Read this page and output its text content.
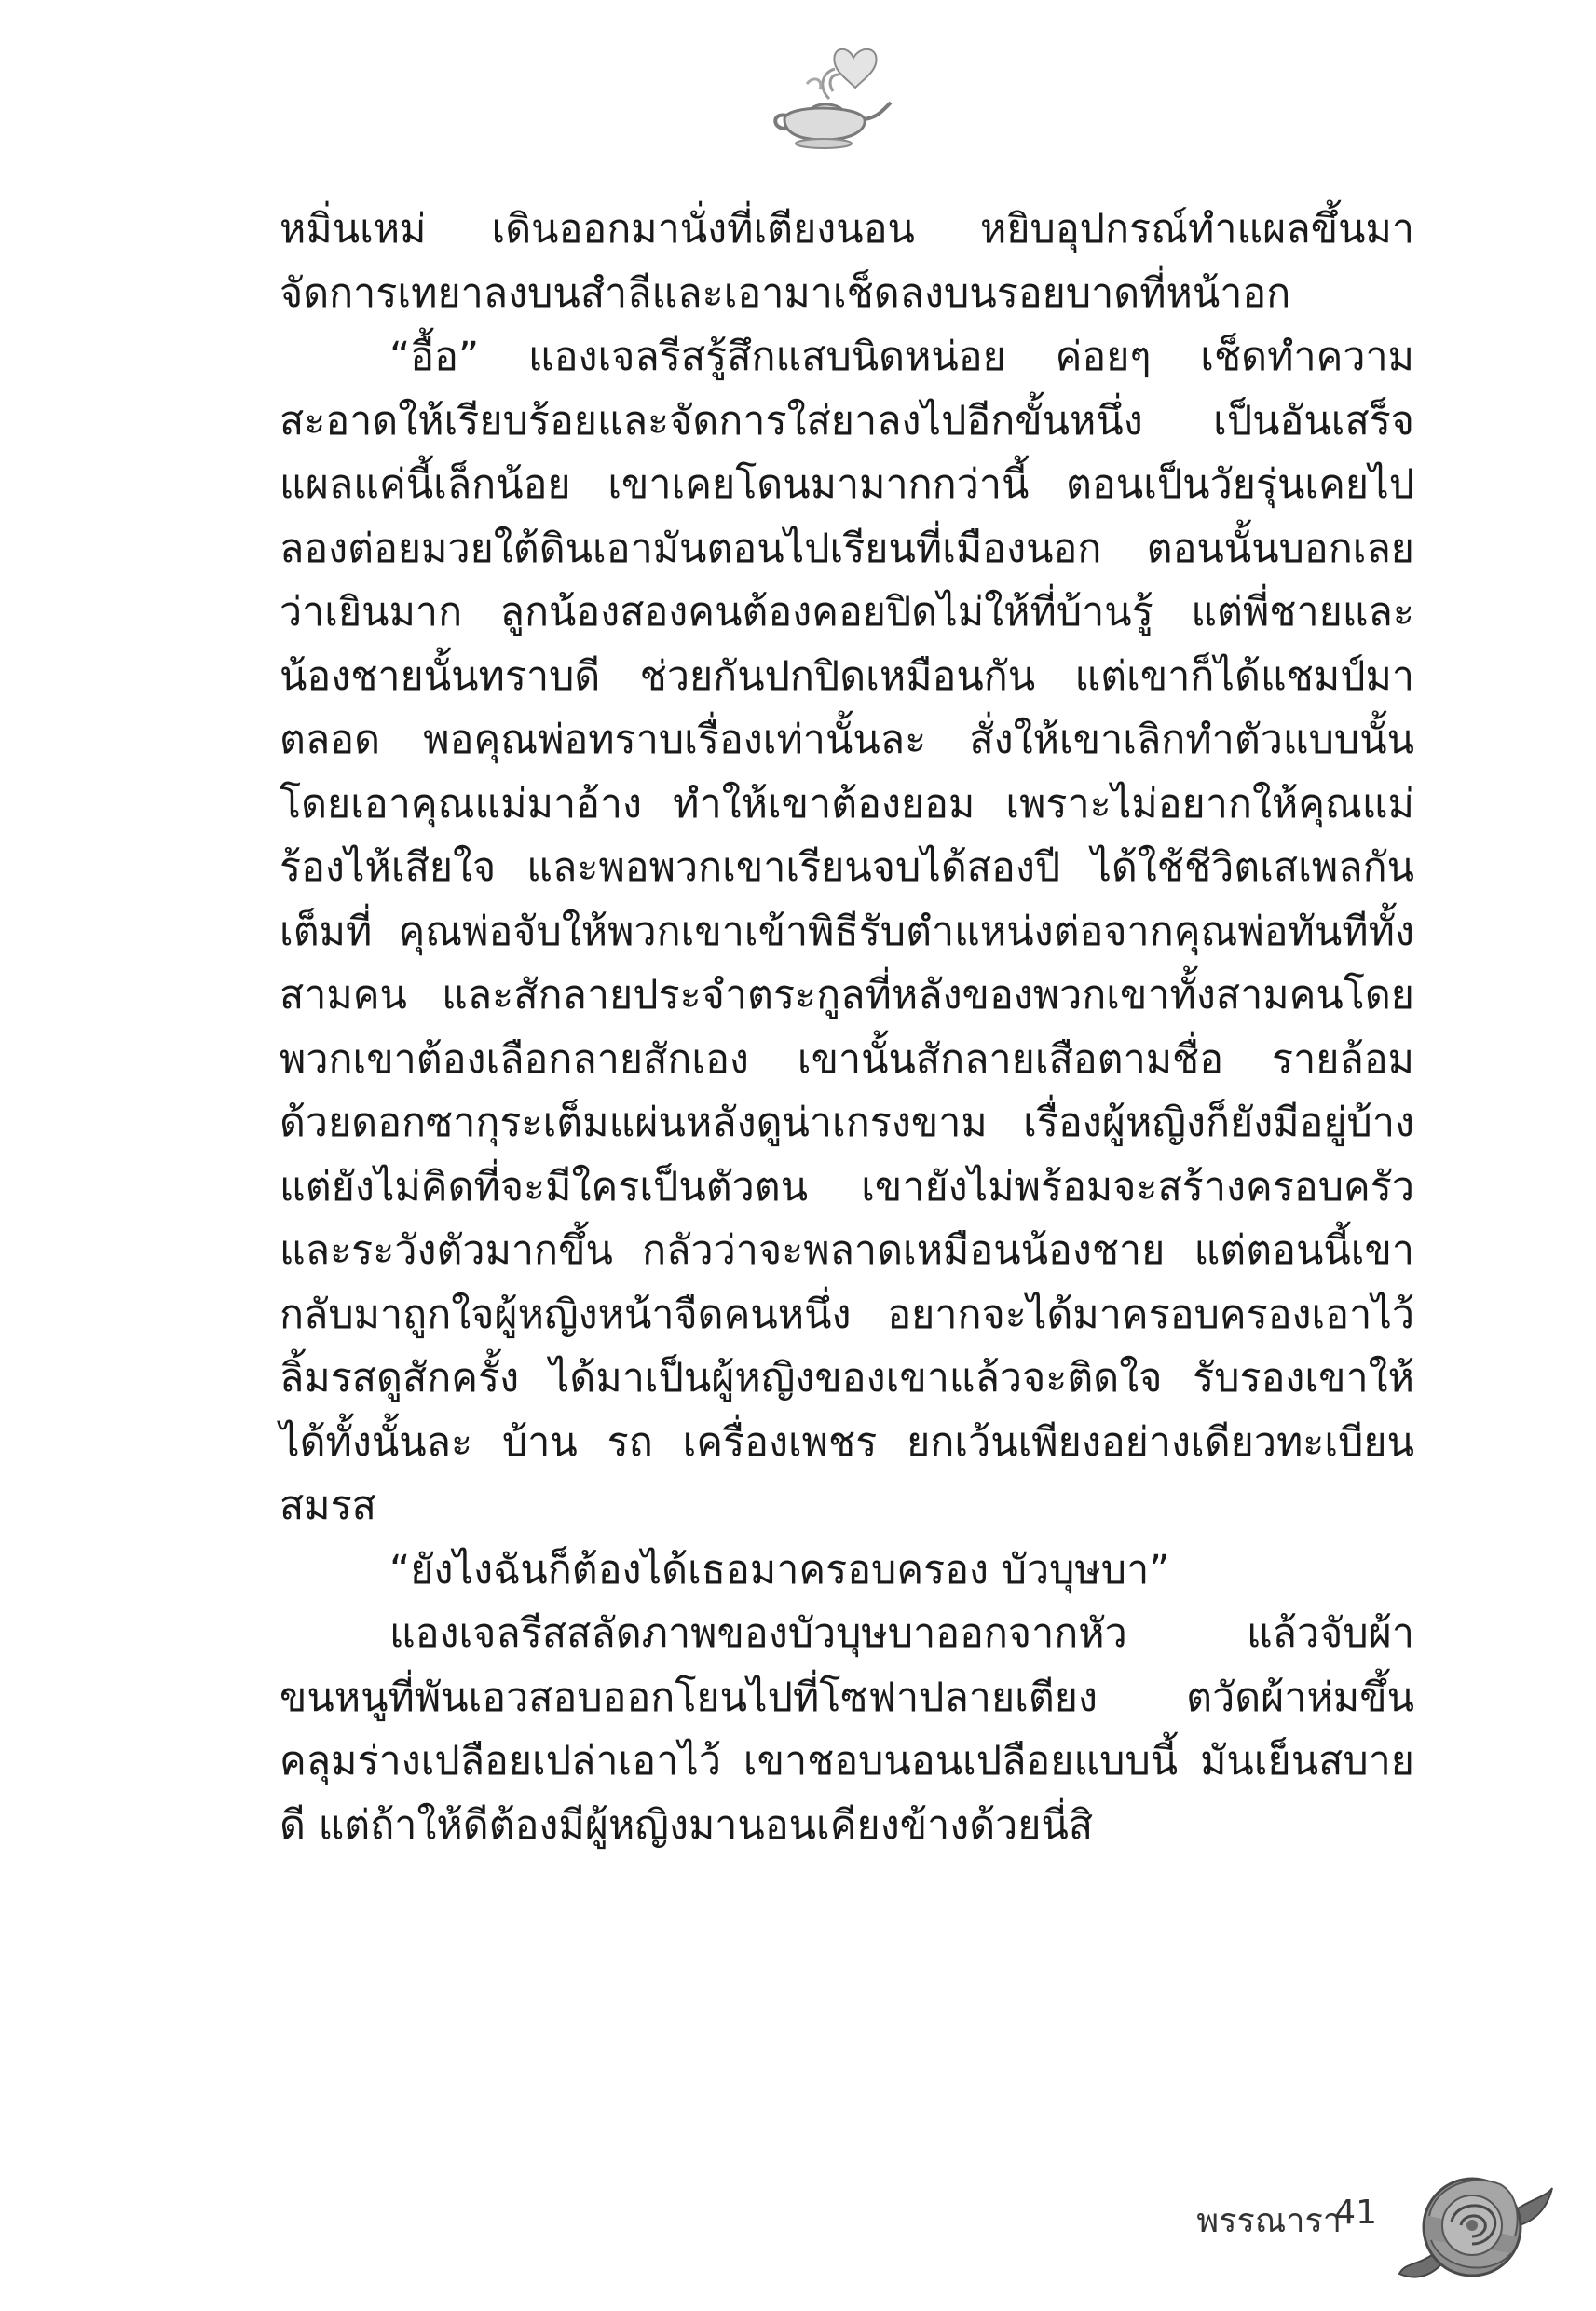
หมิ่นเหม่ เดินออกมานั่งที่เตียงนอน หยิบอุปกรณ์ทำแผลขึ้นมาจัดการเทยาลงบนสำลีและเอามาเช็ดลงบนรอยบาดที่หน้าอก

“อื้อ” แองเจลรีสรู้สึกแสบนิดหน่อย ค่อยๆ เช็ดทำความสะอาดให้เรียบร้อยและจัดการใส่ยาลงไปอีกขั้นหนึ่ง เป็นอันเสร็จ แผลแค่นี้เล็กน้อย เขาเคยโดนมามากกว่านี้ ตอนเป็นวัยรุ่นเคยไปลองต่อยมวยใต้ดินเอามันตอนไปเรียนที่เมืองนอก ตอนนั้นบอกเลยว่าเยินมาก ลูกน้องสองคนต้องคอยปิดไม่ให้ที่บ้านรู้ แต่พี่ชายและน้องชายนั้นทราบดี ช่วยกันปกปิดเหมือนกัน แต่เขาก็ได้แชมป์มาตลอด พอคุณพ่อทราบเรื่องเท่านั้นละ สั่งให้เขาเลิกทำตัวแบบนั้นโดยเอาคุณแม่มาอ้าง ทำให้เขาต้องยอม เพราะไม่อยากให้คุณแม่ร้องไห้เสียใจ และพอพวกเขาเรียนจบได้สองปี ได้ใช้ชีวิตเสเพลกันเต็มที่ คุณพ่อจับให้พวกเขาเข้าพิธีรับตำแหน่งต่อจากคุณพ่อทันทีทั้งสามคน และสักลายประจำตระกูลที่หลังของพวกเขาทั้งสามคนโดยพวกเขาต้องเลือกลายสักเอง เขานั้นสักลายเสือตามชื่อ รายล้อมด้วยดอกซากุระเต็มแผ่นหลังดูน่าเกรงขาม เรื่องผู้หญิงก็ยังมีอยู่บ้างแต่ยังไม่คิดที่จะมีใครเป็นตัวตน เขายังไม่พร้อมจะสร้างครอบครัวและระวังตัวมากขึ้น กลัวว่าจะพลาดเหมือนน้องชาย แต่ตอนนี้เขากลับมาถูกใจผู้หญิงหน้าจืดคนหนึ่ง อยากจะได้มาครอบครองเอาไว้ลิ้มรสดูสักครั้ง ได้มาเป็นผู้หญิงของเขาแล้วจะติดใจ รับรองเขาให้ได้ทั้งนั้นละ บ้าน รถ เครื่องเพชร ยกเว้นเพียงอย่างเดียวทะเบียนสมรส

“ยังไงฉันก็ต้องได้เธอมาครอบครอง บัวบุษบา”

แองเจลรีสสลัดภาพของบัวบุษบาออกจากหัว แล้วจับผ้าขนหนูที่พันเอวสอบออกโยนไปที่โซฟาปลายเตียง ตวัดผ้าห่มขึ้นคลุมร่างเปลือยเปล่าเอาไว้ เขาชอบนอนเปลือยแบบนี้ มันเย็นสบายดี แต่ถ้าให้ดีต้องมีผู้หญิงมานอนเคียงข้างด้วยนี่สิ

พรรณารา
41
